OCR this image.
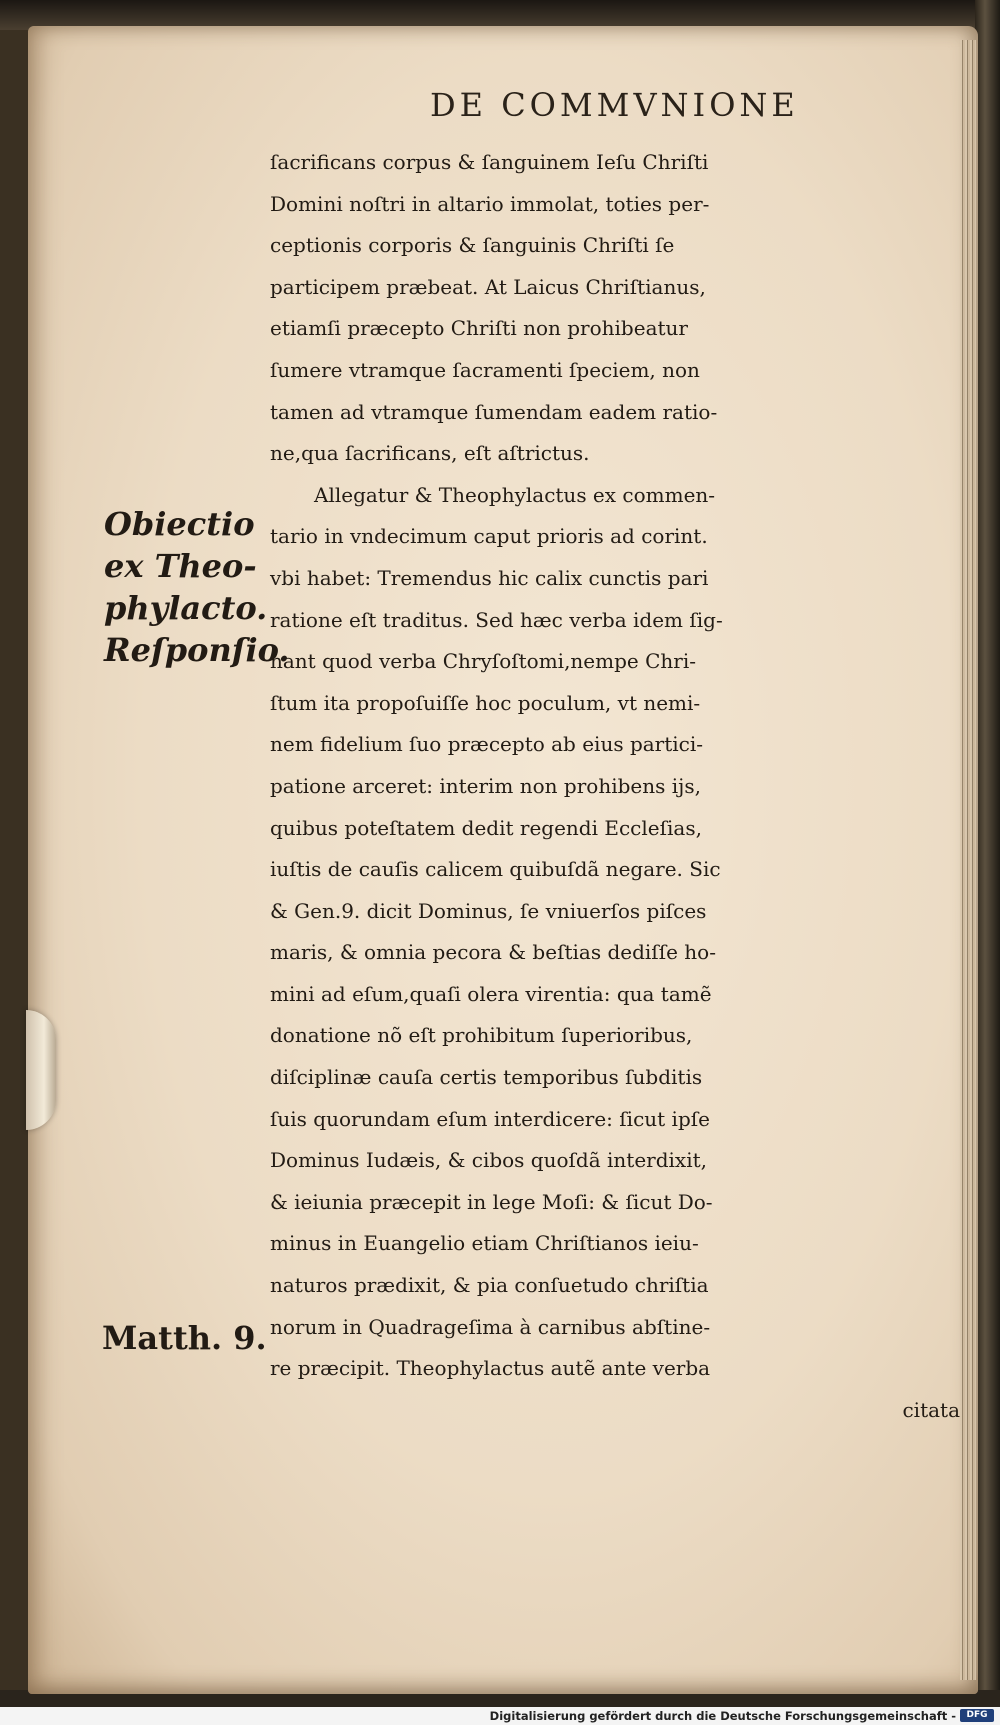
DE COMMVNIONE
ſacrificans corpus & ſanguinem Ieſu Chriſti
Domini noſtri in altario immolat, toties per-
ceptionis corporis & ſanguinis Chriſti ſe
participem præbeat. At Laicus Chriſtianus,
etiamſi præcepto Chriſti non prohibeatur
ſumere vtramque ſacramenti ſpeciem, non
tamen ad vtramque ſumendam eadem ratio-
ne,qua ſacrificans, eſt aſtrictus.
Allegatur & Theophylactus ex commen-
tario in vndecimum caput prioris ad corint.
vbi habet: Tremendus hic calix cunctis pari
ratione eſt traditus. Sed hæc verba idem ſig-
nant quod verba Chryſoſtomi,nempe Chri-
ſtum ita propoſuiſſe hoc poculum, vt nemi-
nem fidelium ſuo præcepto ab eius partici-
patione arceret: interim non prohibens ijs,
quibus poteſtatem dedit regendi Eccleſias,
iuſtis de cauſis calicem quibuſdã negare. Sic
& Gen.9. dicit Dominus, ſe vniuerſos piſces
maris, & omnia pecora & beſtias dediſſe ho-
mini ad eſum,quaſi olera virentia: qua tamẽ
donatione nõ eſt prohibitum ſuperioribus,
diſciplinæ cauſa certis temporibus ſubditis
ſuis quorundam eſum interdicere: ſicut ipſe
Dominus Iudæis, & cibos quoſdã interdixit,
& ieiunia præcepit in lege Moſi: & ſicut Do-
minus in Euangelio etiam Chriſtianos ieiu-
naturos prædixit, & pia conſuetudo chriſtia
norum in Quadrageſima à carnibus abſtine-
re præcipit. Theophylactus autẽ ante verba
citata
Obiectio
ex Theo-
phylacto.
Reſponſio.
Matth. 9.
Digitalisierung gefördert durch die Deutsche Forschungsgemeinschaft -	DFG
